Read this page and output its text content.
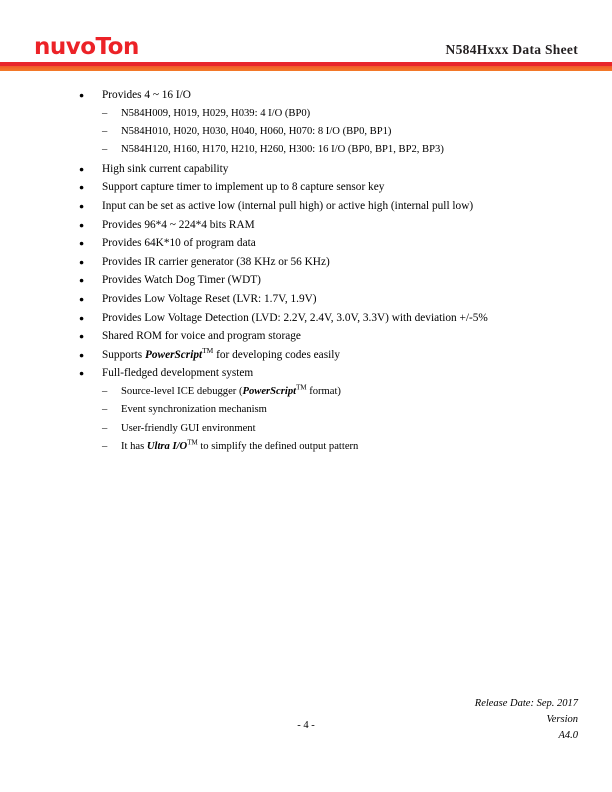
nuvoTon	N584Hxxx Data Sheet
● Provides 4 ~ 16 I/O
– N584H009, H019, H029, H039: 4 I/O (BP0)
– N584H010, H020, H030, H040, H060, H070: 8 I/O (BP0, BP1)
– N584H120, H160, H170, H210, H260, H300: 16 I/O (BP0, BP1, BP2, BP3)
● High sink current capability
● Support capture timer to implement up to 8 capture sensor key
● Input can be set as active low (internal pull high) or active high (internal pull low)
● Provides 96*4 ~ 224*4 bits RAM
● Provides 64K*10 of program data
● Provides IR carrier generator (38 KHz or 56 KHz)
● Provides Watch Dog Timer (WDT)
● Provides Low Voltage Reset (LVR: 1.7V, 1.9V)
● Provides Low Voltage Detection (LVD: 2.2V, 2.4V, 3.0V, 3.3V) with deviation +/-5%
● Shared ROM for voice and program storage
● Supports PowerScript™ for developing codes easily
● Full-fledged development system
– Source-level ICE debugger (PowerScript™ format)
– Event synchronization mechanism
– User-friendly GUI environment
– It has Ultra I/O™ to simplify the defined output pattern
- 4 -
Release Date: Sep. 2017
Version
A4.0
